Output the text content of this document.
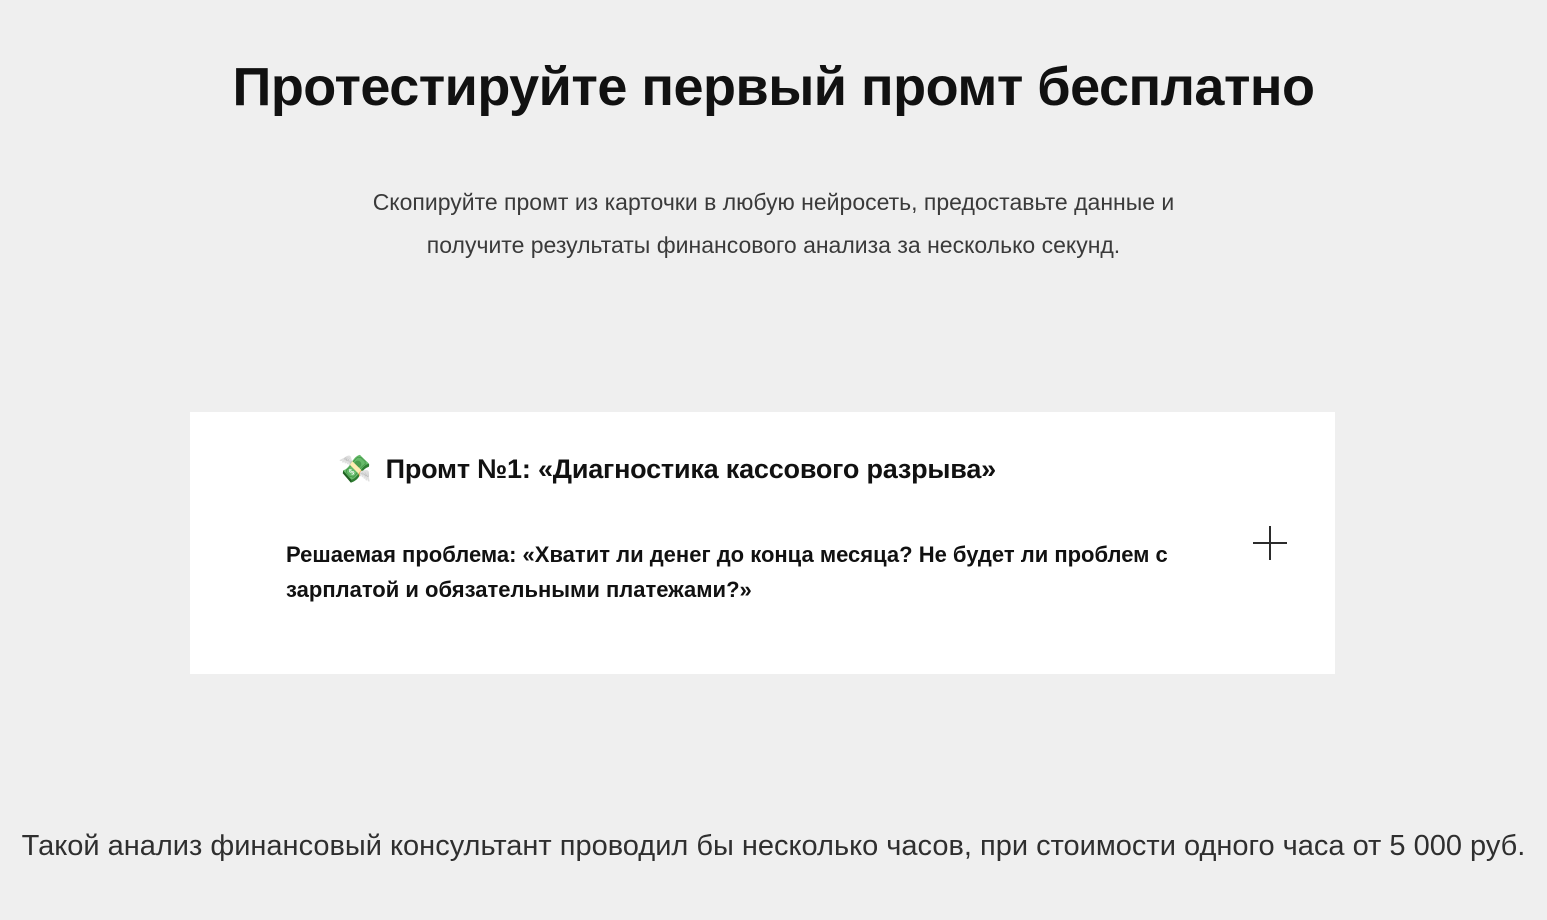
Протестируйте первый промт бесплатно

Скопируйте промт из карточки в любую нейросеть, предоставьте данные и получите результаты финансового анализа за несколько секунд.

💸 Промт №1: «Диагностика кассового разрыва»
Решаемая проблема: «Хватит ли денег до конца месяца? Не будет ли проблем с зарплатой и обязательными платежами?»

Такой анализ финансовый консультант проводил бы несколько часов, при стоимости одного часа от 5 000 руб.
